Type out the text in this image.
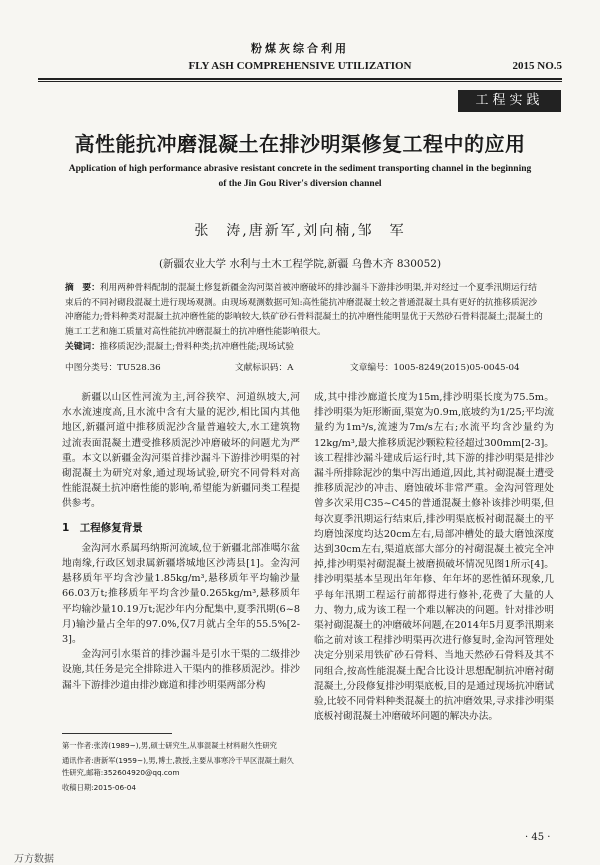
粉煤灰综合利用
FLY ASH COMPREHENSIVE UTILIZATION	2015 NO.5
工程实践
高性能抗冲磨混凝土在排沙明渠修复工程中的应用
Application of high performance abrasive resistant concrete in the sediment transporting channel in the beginning
of the Jin Gou River's diversion channel
张　涛,唐新军,刘向楠,邹　军
(新疆农业大学 水利与土木工程学院,新疆 乌鲁木齐 830052)
摘　要：利用两种骨料配制的混凝土修复新疆金沟河渠首被冲磨破坏的排沙漏斗下游排沙明渠,并对经过一个夏季汛期运行结束后的不同衬砌段混凝土进行现场观测。由现场观测数据可知:高性能抗冲磨混凝土较之普通混凝土具有更好的抗推移质泥沙冲磨能力;骨料种类对混凝土抗冲磨性能的影响较大,铁矿砂石骨料混凝土的抗冲磨性能明显优于天然砂石骨料混凝土;混凝土的施工工艺和施工质量对高性能抗冲磨混凝土的抗冲磨性能影响很大。
关键词：推移质泥沙;混凝土;骨料种类;抗冲磨性能;现场试验
中图分类号：TU528.36	文献标识码：A	文章编号：1005-8249(2015)05-0045-04

新疆以山区性河流为主,河谷狭窄、河道纵坡大,河水水流速度高,且水流中含有大量的泥沙,相比国内其他地区,新疆河道中推移质泥沙含量普遍较大,水工建筑物过流表面混凝土遭受推移质泥沙冲磨破坏的问题尤为严重。本文以新疆金沟河渠首排沙漏斗下游排沙明渠的衬砌混凝土为研究对象,通过现场试验,研究不同骨料对高性能混凝土抗冲磨性能的影响,希望能为新疆同类工程提供参考。

1　工程修复背景

金沟河水系属玛纳斯河流域,位于新疆北部准噶尔盆地南缘,行政区划隶属新疆塔城地区沙湾县[1]。金沟河悬移质年平均含沙量1.85kg/m³,悬移质年平均输沙量66.03万t;推移质年平均含沙量0.265kg/m³,悬移质年平均输沙量10.19万t;泥沙年内分配集中,夏季汛期(6~8月)输沙量占全年的97.0%,仅7月就占全年的55.5%[2-3]。

金沟河引水渠首的排沙漏斗是引水干渠的二级排沙设施,其任务是完全排除进入干渠内的推移质泥沙。排沙漏斗下游排沙道由排沙廊道和排沙明渠两部分构

成,其中排沙廊道长度为15m,排沙明渠长度为75.5m。排沙明渠为矩形断面,渠宽为0.9m,底坡约为1/25;平均流量约为1m³/s,流速为7m/s左右;水流平均含沙量约为12kg/m³,最大推移质泥沙颗粒粒径超过300mm[2-3]。该工程排沙漏斗建成后运行时,其下游的排沙明渠是排沙漏斗所排除泥沙的集中泻出通道,因此,其衬砌混凝土遭受推移质泥沙的冲击、磨蚀破坏非常严重。金沟河管理处曾多次采用C35~C45的普通混凝土修补该排沙明渠,但每次夏季汛期运行结束后,排沙明渠底板衬砌混凝土的平均磨蚀深度均达20cm左右,局部冲槽处的最大磨蚀深度达到30cm左右,渠道底部大部分的衬砌混凝土被完全冲掉,排沙明渠衬砌混凝土被磨损破坏情况见图1所示[4]。排沙明渠基本呈现出年年修、年年坏的恶性循环现象,几乎每年汛期工程运行前都得进行修补,花费了大量的人力、物力,成为该工程一个难以解决的问题。针对排沙明渠衬砌混凝土的冲磨破坏问题,在2014年5月夏季汛期来临之前对该工程排沙明渠再次进行修复时,金沟河管理处决定分别采用铁矿砂石骨料、当地天然砂石骨料及其不同组合,按高性能混凝土配合比设计思想配制抗冲磨衬砌混凝土,分段修复排沙明渠底板,目的是通过现场抗冲磨试验,比较不同骨料种类混凝土的抗冲磨效果,寻求排沙明渠底板衬砌混凝土冲磨破坏问题的解决办法。

第一作者:张涛(1989~),男,硕士研究生,从事混凝土材料耐久性研究
通讯作者:唐新军(1959~),男,博士,教授,主要从事寒冷干旱区混凝土耐久性研究,邮箱:352604920@qq.com
收稿日期:2015-06-04
· 45 ·
万方数据
